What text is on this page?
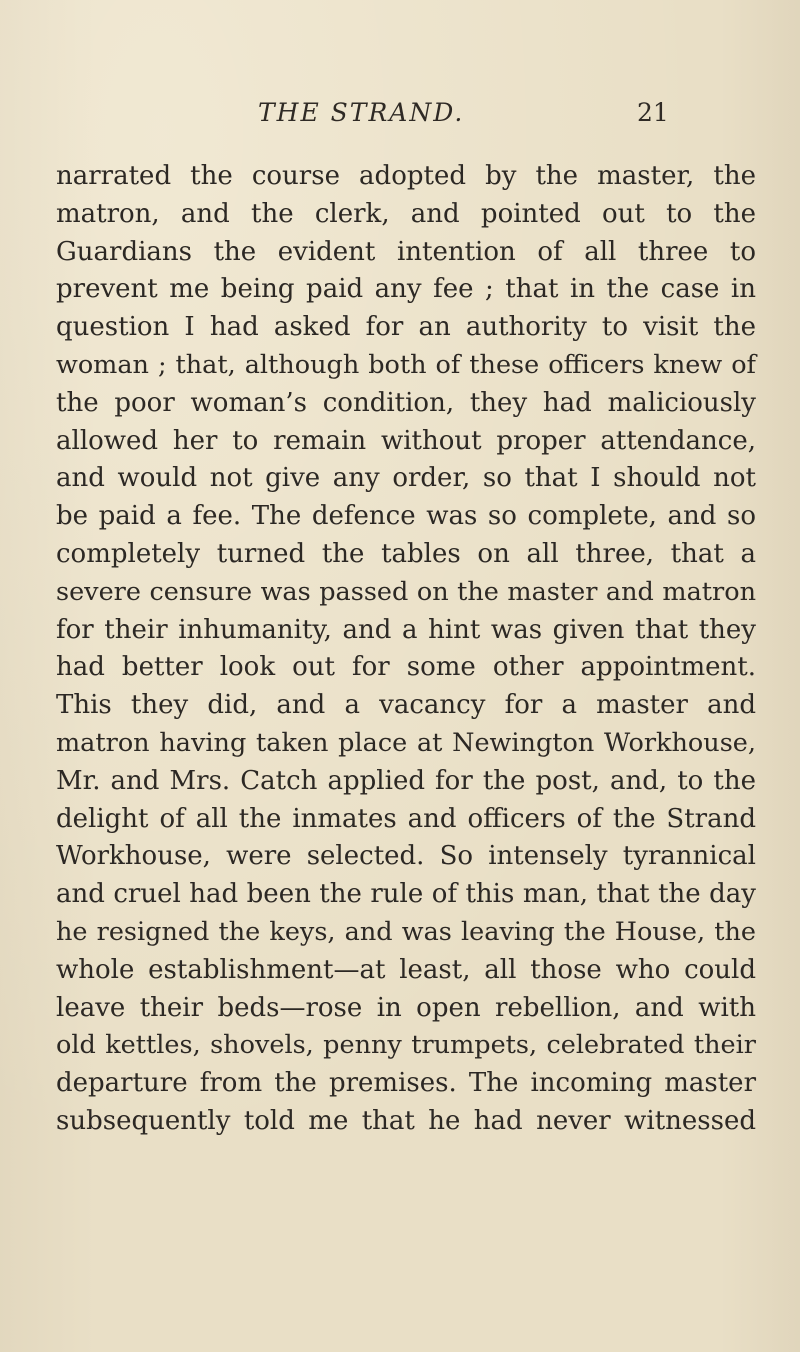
THE STRAND.	21
narrated the course adopted by the master, the
matron, and the clerk, and pointed out to the
Guardians the evident intention of all three to
prevent me being paid any fee ; that in the case in
question I had asked for an authority to visit the
woman ; that, although both of these officers knew of
the poor woman’s condition, they had maliciously
allowed her to remain without proper attendance,
and would not give any order, so that I should not
be paid a fee. The defence was so complete, and so
completely turned the tables on all three, that a
severe censure was passed on the master and matron
for their inhumanity, and a hint was given that they
had better look out for some other appointment.
This they did, and a vacancy for a master and
matron having taken place at Newington Workhouse,
Mr. and Mrs. Catch applied for the post, and, to the
delight of all the inmates and officers of the Strand
Workhouse, were selected. So intensely tyrannical
and cruel had been the rule of this man, that the day
he resigned the keys, and was leaving the House, the
whole establishment—at least, all those who could
leave their beds—rose in open rebellion, and with
old kettles, shovels, penny trumpets, celebrated their
departure from the premises. The incoming master
subsequently told me that he had never witnessed
